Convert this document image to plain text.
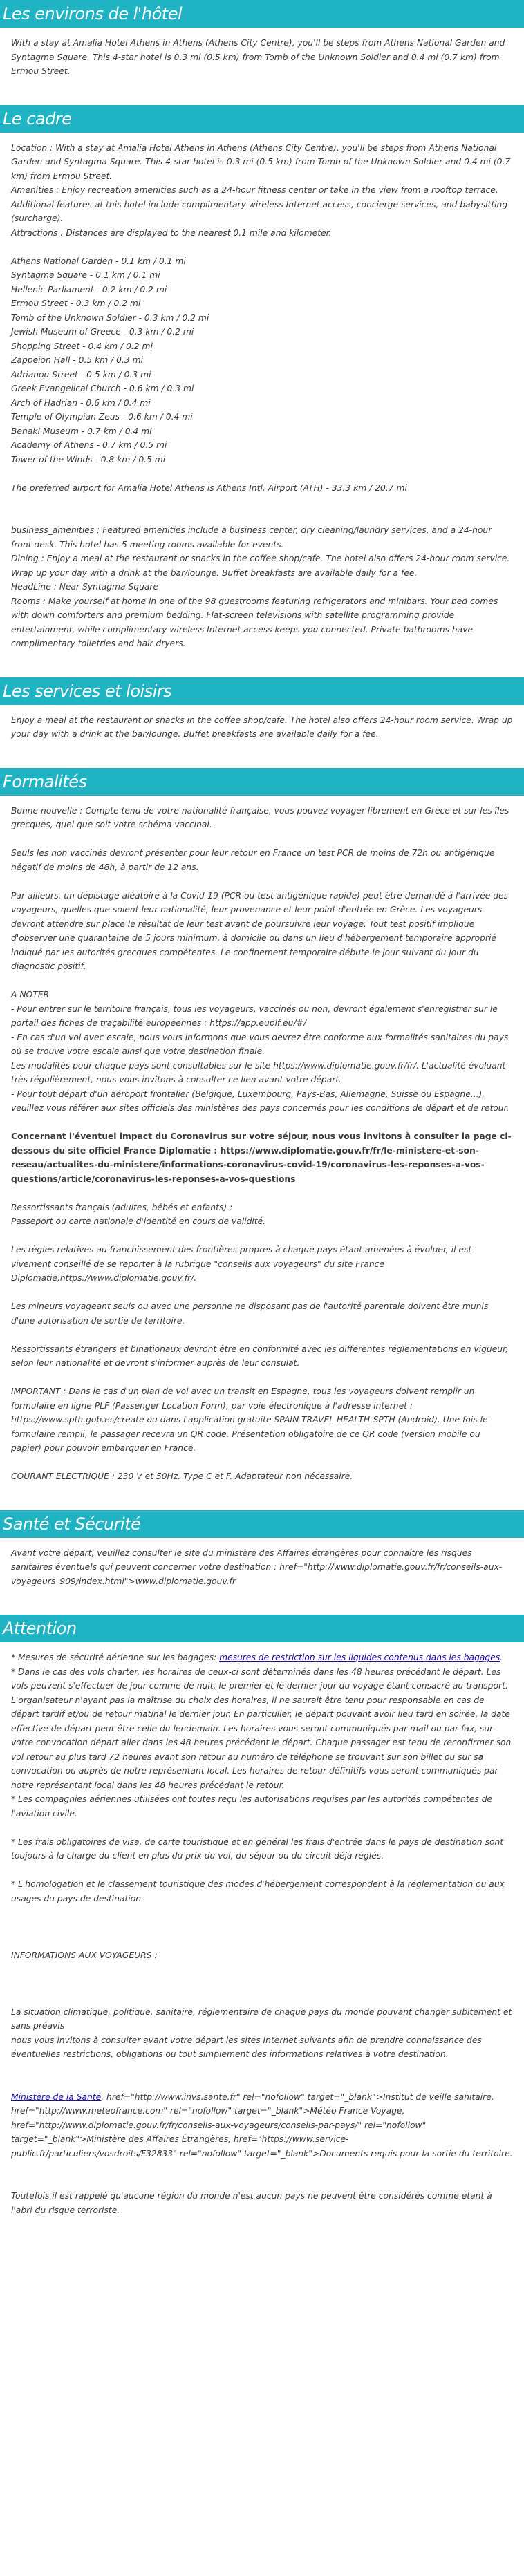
Les environs de l'hôtel

With a stay at Amalia Hotel Athens in Athens (Athens City Centre), you'll be steps from Athens National Garden and Syntagma Square. This 4-star hotel is 0.3 mi (0.5 km) from Tomb of the Unknown Soldier and 0.4 mi (0.7 km) from Ermou Street.

Le cadre

Location : With a stay at Amalia Hotel Athens in Athens (Athens City Centre), you'll be steps from Athens National Garden and Syntagma Square. This 4-star hotel is 0.3 mi (0.5 km) from Tomb of the Unknown Soldier and 0.4 mi (0.7 km) from Ermou Street.

Amenities : Enjoy recreation amenities such as a 24-hour fitness center or take in the view from a rooftop terrace. Additional features at this hotel include complimentary wireless Internet access, concierge services, and babysitting (surcharge).

Attractions : Distances are displayed to the nearest 0.1 mile and kilometer.

Athens National Garden - 0.1 km / 0.1 mi
Syntagma Square - 0.1 km / 0.1 mi
Hellenic Parliament - 0.2 km / 0.2 mi
Ermou Street - 0.3 km / 0.2 mi
Tomb of the Unknown Soldier - 0.3 km / 0.2 mi
Jewish Museum of Greece - 0.3 km / 0.2 mi
Shopping Street - 0.4 km / 0.2 mi
Zappeion Hall - 0.5 km / 0.3 mi
Adrianou Street - 0.5 km / 0.3 mi
Greek Evangelical Church - 0.6 km / 0.3 mi
Arch of Hadrian - 0.6 km / 0.4 mi
Temple of Olympian Zeus - 0.6 km / 0.4 mi
Benaki Museum - 0.7 km / 0.4 mi
Academy of Athens - 0.7 km / 0.5 mi
Tower of the Winds - 0.8 km / 0.5 mi

The preferred airport for Amalia Hotel Athens is Athens Intl. Airport (ATH) - 33.3 km / 20.7 mi

business_amenities : Featured amenities include a business center, dry cleaning/laundry services, and a 24-hour front desk. This hotel has 5 meeting rooms available for events.

Dining : Enjoy a meal at the restaurant or snacks in the coffee shop/cafe. The hotel also offers 24-hour room service. Wrap up your day with a drink at the bar/lounge. Buffet breakfasts are available daily for a fee.

HeadLine : Near Syntagma Square

Rooms : Make yourself at home in one of the 98 guestrooms featuring refrigerators and minibars. Your bed comes with down comforters and premium bedding. Flat-screen televisions with satellite programming provide entertainment, while complimentary wireless Internet access keeps you connected. Private bathrooms have complimentary toiletries and hair dryers.

Les services et loisirs

Enjoy a meal at the restaurant or snacks in the coffee shop/cafe. The hotel also offers 24-hour room service. Wrap up your day with a drink at the bar/lounge. Buffet breakfasts are available daily for a fee.

Formalités

Bonne nouvelle : Compte tenu de votre nationalité française, vous pouvez voyager librement en Grèce et sur les îles grecques, quel que soit votre schéma vaccinal.

Seuls les non vaccinés devront présenter pour leur retour en France un test PCR de moins de 72h ou antigénique négatif de moins de 48h, à partir de 12 ans.

Par ailleurs, un dépistage aléatoire à la Covid-19 (PCR ou test antigénique rapide) peut être demandé à l'arrivée des voyageurs, quelles que soient leur nationalité, leur provenance et leur point d'entrée en Grèce. Les voyageurs devront attendre sur place le résultat de leur test avant de poursuivre leur voyage. Tout test positif implique d'observer une quarantaine de 5 jours minimum, à domicile ou dans un lieu d'hébergement temporaire approprié indiqué par les autorités grecques compétentes. Le confinement temporaire débute le jour suivant du jour du diagnostic positif.

A NOTER

- Pour entrer sur le territoire français, tous les voyageurs, vaccinés ou non, devront également s'enregistrer sur le portail des fiches de traçabilité européennes : https://app.euplf.eu/#/

- En cas d'un vol avec escale, nous vous informons que vous devrez être conforme aux formalités sanitaires du pays où se trouve votre escale ainsi que votre destination finale.

Les modalités pour chaque pays sont consultables sur le site https://www.diplomatie.gouv.fr/fr/. L'actualité évoluant très régulièrement, nous vous invitons à consulter ce lien avant votre départ.

- Pour tout départ d'un aéroport frontalier (Belgique, Luxembourg, Pays-Bas, Allemagne, Suisse ou Espagne...), veuillez vous référer aux sites officiels des ministères des pays concernés pour les conditions de départ et de retour.

Concernant l'éventuel impact du Coronavirus sur votre séjour, nous vous invitons à consulter la page ci-dessous du site officiel France Diplomatie : https://www.diplomatie.gouv.fr/fr/le-ministere-et-son-reseau/actualites-du-ministere/informations-coronavirus-covid-19/coronavirus-les-reponses-a-vos-questions/article/coronavirus-les-reponses-a-vos-questions

Ressortissants français (adultes, bébés et enfants) :

Passeport ou carte nationale d'identité en cours de validité.

Les règles relatives au franchissement des frontières propres à chaque pays étant amenées à évoluer, il est vivement conseillé de se reporter à la rubrique "conseils aux voyageurs" du site France Diplomatie,https://www.diplomatie.gouv.fr/.

Les mineurs voyageant seuls ou avec une personne ne disposant pas de l'autorité parentale doivent être munis d'une autorisation de sortie de territoire.

Ressortissants étrangers et binationaux devront être en conformité avec les différentes réglementations en vigueur, selon leur nationalité et devront s'informer auprès de leur consulat.

IMPORTANT : Dans le cas d'un plan de vol avec un transit en Espagne, tous les voyageurs doivent remplir un formulaire en ligne PLF (Passenger Location Form), par voie électronique à l'adresse internet : https://www.spth.gob.es/create ou dans l'application gratuite SPAIN TRAVEL HEALTH-SPTH (Android). Une fois le formulaire rempli, le passager recevra un QR code. Présentation obligatoire de ce QR code (version mobile ou papier) pour pouvoir embarquer en France.

COURANT ELECTRIQUE : 230 V et 50Hz. Type C et F. Adaptateur non nécessaire.

Santé et Sécurité

Avant votre départ, veuillez consulter le site du ministère des Affaires étrangères pour connaître les risques sanitaires éventuels qui peuvent concerner votre destination : href="http://www.diplomatie.gouv.fr/fr/conseils-aux-voyageurs_909/index.html">www.diplomatie.gouv.fr

Attention

* Mesures de sécurité aérienne sur les bagages: mesures de restriction sur les liquides contenus dans les bagages.

* Dans le cas des vols charter, les horaires de ceux-ci sont déterminés dans les 48 heures précédant le départ. Les vols peuvent s'effectuer de jour comme de nuit, le premier et le dernier jour du voyage étant consacré au transport. L'organisateur n'ayant pas la maîtrise du choix des horaires, il ne saurait être tenu pour responsable en cas de départ tardif et/ou de retour matinal le dernier jour. En particulier, le départ pouvant avoir lieu tard en soirée, la date effective de départ peut être celle du lendemain. Les horaires vous seront communiqués par mail ou par fax, sur votre convocation départ aller dans les 48 heures précédant le départ. Chaque passager est tenu de reconfirmer son vol retour au plus tard 72 heures avant son retour au numéro de téléphone se trouvant sur son billet ou sur sa convocation ou auprès de notre représentant local. Les horaires de retour définitifs vous seront communiqués par notre représentant local dans les 48 heures précédant le retour.

* Les compagnies aériennes utilisées ont toutes reçu les autorisations requises par les autorités compétentes de l'aviation civile.

* Les frais obligatoires de visa, de carte touristique et en général les frais d'entrée dans le pays de destination sont toujours à la charge du client en plus du prix du vol, du séjour ou du circuit déjà réglés.

* L'homologation et le classement touristique des modes d'hébergement correspondent à la réglementation ou aux usages du pays de destination.

INFORMATIONS AUX VOYAGEURS :

La situation climatique, politique, sanitaire, réglementaire de chaque pays du monde pouvant changer subitement et sans préavis

nous vous invitons à consulter avant votre départ les sites Internet suivants afin de prendre connaissance des éventuelles restrictions, obligations ou tout simplement des informations relatives à votre destination.

Ministère de la Santé, href="http://www.invs.sante.fr" rel="nofollow" target="_blank">Institut de veille sanitaire, href="http://www.meteofrance.com" rel="nofollow" target="_blank">Météo France Voyage, href="http://www.diplomatie.gouv.fr/fr/conseils-aux-voyageurs/conseils-par-pays/" rel="nofollow" target="_blank">Ministère des Affaires Étrangères, href="https://www.service-public.fr/particuliers/vosdroits/F32833" rel="nofollow" target="_blank">Documents requis pour la sortie du territoire.

Toutefois il est rappelé qu'aucune région du monde n'est aucun pays ne peuvent être considérés comme étant à l'abri du risque terroriste.
